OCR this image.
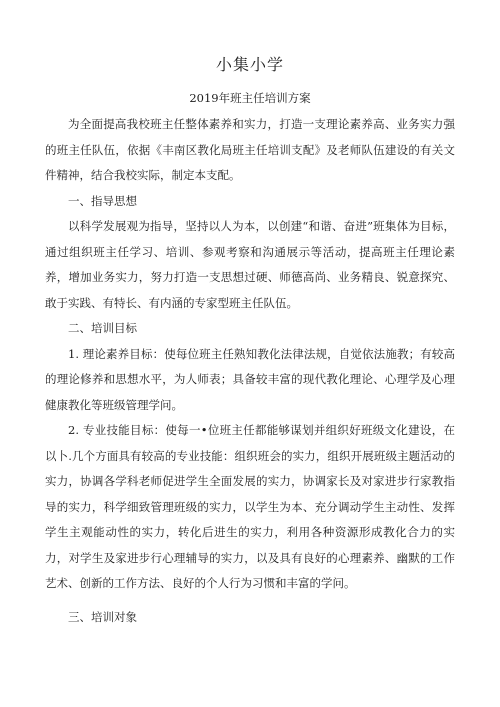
小集小学
2019年班主任培训方案

为全面提高我校班主任整体素养和实力，打造一支理论素养高、业务实力强的班主任队伍，依据《丰南区教化局班主任培训支配》及老师队伍建设的有关文件精神，结合我校实际，制定本支配。

一、指导思想

以科学发展观为指导，坚持以人为本，以创建“和谐、奋进”班集体为目标，通过组织班主任学习、培训、参观考察和沟通展示等活动，提高班主任理论素养，增加业务实力，努力打造一支思想过硬、师德高尚、业务精良、锐意探究、敢于实践、有特长、有内涵的专家型班主任队伍。

二、培训目标

1. 理论素养目标：使每位班主任熟知教化法律法规，自觉依法施教；有较高的理论修养和思想水平，为人师表；具备较丰富的现代教化理论、心理学及心理健康教化等班级管理学问。

2. 专业技能目标：使每一•位班主任都能够谋划并组织好班级文化建设，在以卜.几个方面具有较高的专业技能：组织班会的实力，组织开展班级主题活动的实力，协调各学科老师促进学生全面发展的实力，协调家长及对家进步行家教指导的实力，科学细致管理班级的实力，以学生为本、充分调动学生主动性、发挥学生主观能动性的实力，转化后进生的实力，利用各种资源形成教化合力的实力，对学生及家进步行心理辅导的实力，以及具有良好的心理素养、幽默的工作艺术、创新的工作方法、良好的个人行为习惯和丰富的学问。

三、培训对象
